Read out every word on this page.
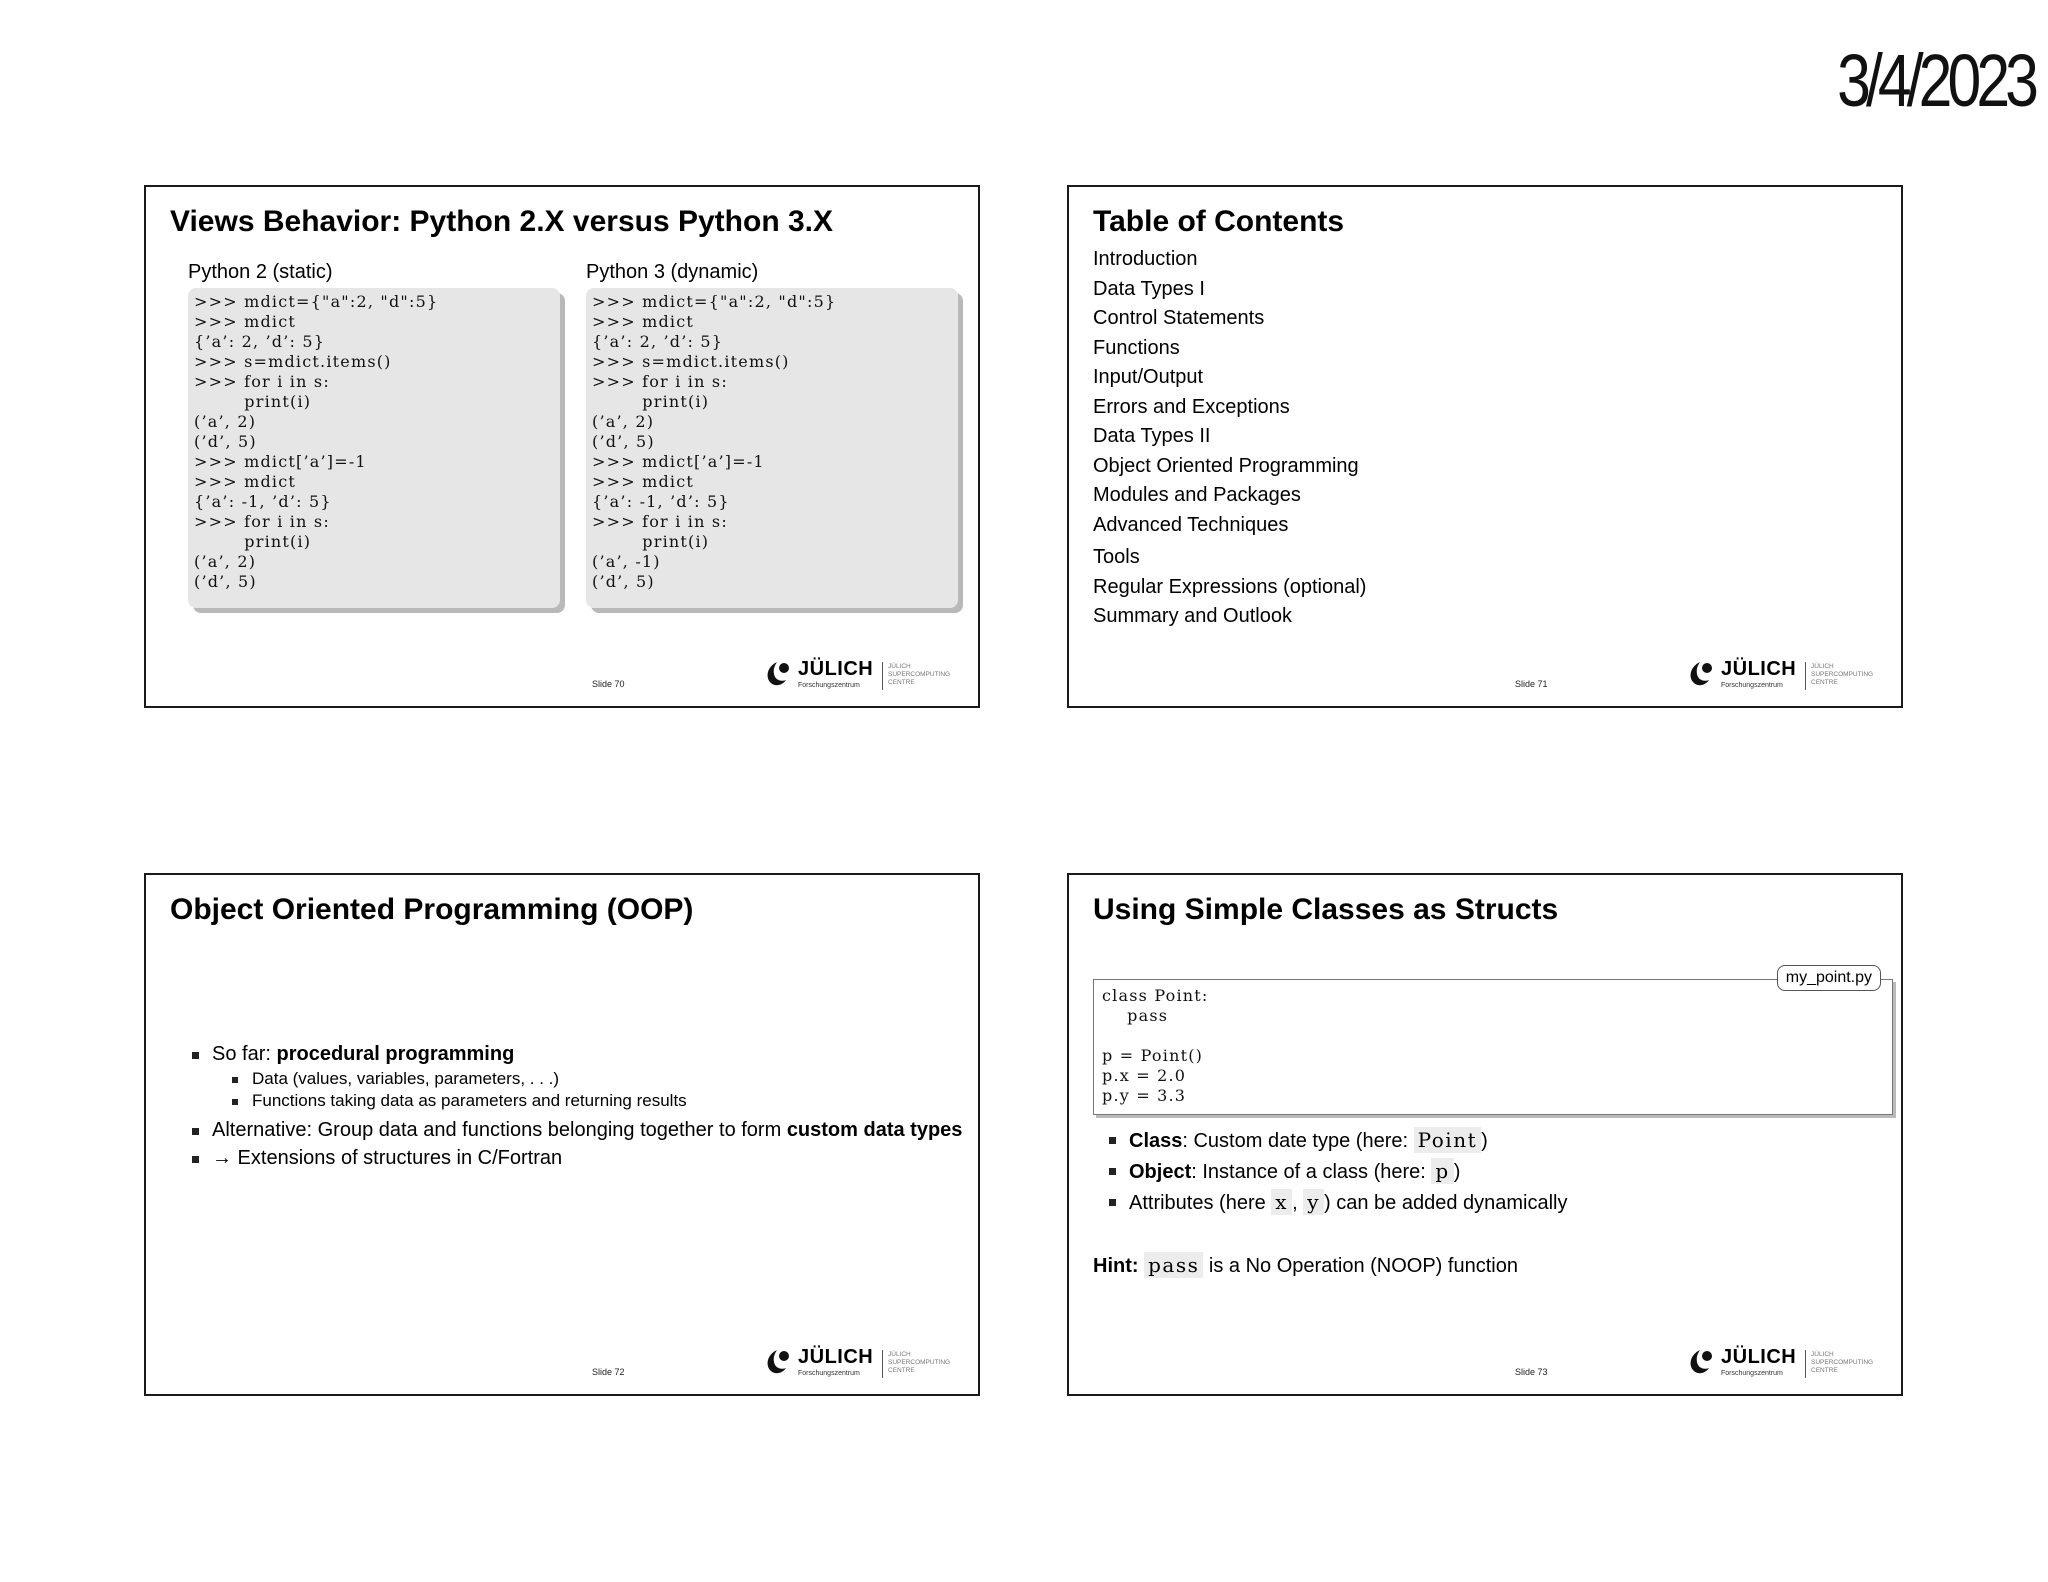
3/4/2023
Views Behavior: Python 2.X versus Python 3.X
Python 2 (static)	Python 3 (dynamic)
>>> mdict={"a":2, "d":5}
>>> mdict
{’a’: 2, ’d’: 5}
>>> s=mdict.items()
>>> for i in s:
print(i)
(’a’, 2)
(’d’, 5)
>>> mdict[’a’]=-1
>>> mdict
{’a’: -1, ’d’: 5}
>>> for i in s:
print(i)
(’a’, 2)
(’d’, 5)
>>> mdict={"a":2, "d":5}
>>> mdict
{’a’: 2, ’d’: 5}
>>> s=mdict.items()
>>> for i in s:
print(i)
(’a’, 2)
(’d’, 5)
>>> mdict[’a’]=-1
>>> mdict
{’a’: -1, ’d’: 5}
>>> for i in s:
print(i)
(’a’, -1)
(’d’, 5)
Slide 70
JÜLICH
Forschungszentrum
JÜLICH
SUPERCOMPUTING
CENTRE
Table of Contents
Introduction
Data Types I
Control Statements
Functions
Input/Output
Errors and Exceptions
Data Types II
Object Oriented Programming
Modules and Packages
Advanced Techniques
Tools
Regular Expressions (optional)
Summary and Outlook
Slide 71
JÜLICH
Forschungszentrum
JÜLICH
SUPERCOMPUTING
CENTRE
Object Oriented Programming (OOP)
So far: procedural programming
Data (values, variables, parameters, . . .)
Functions taking data as parameters and returning results
Alternative: Group data and functions belonging together to form custom data types
→ Extensions of structures in C/Fortran
Slide 72
JÜLICH
Forschungszentrum
JÜLICH
SUPERCOMPUTING
CENTRE
Using Simple Classes as Structs
class Point:
pass

p = Point()
p.x = 2.0
p.y = 3.3
my_point.py
Class: Custom date type (here: Point )
Object: Instance of a class (here: p )
Attributes (here x , y ) can be added dynamically
Hint: pass is a No Operation (NOOP) function
Slide 73
JÜLICH
Forschungszentrum
JÜLICH
SUPERCOMPUTING
CENTRE
